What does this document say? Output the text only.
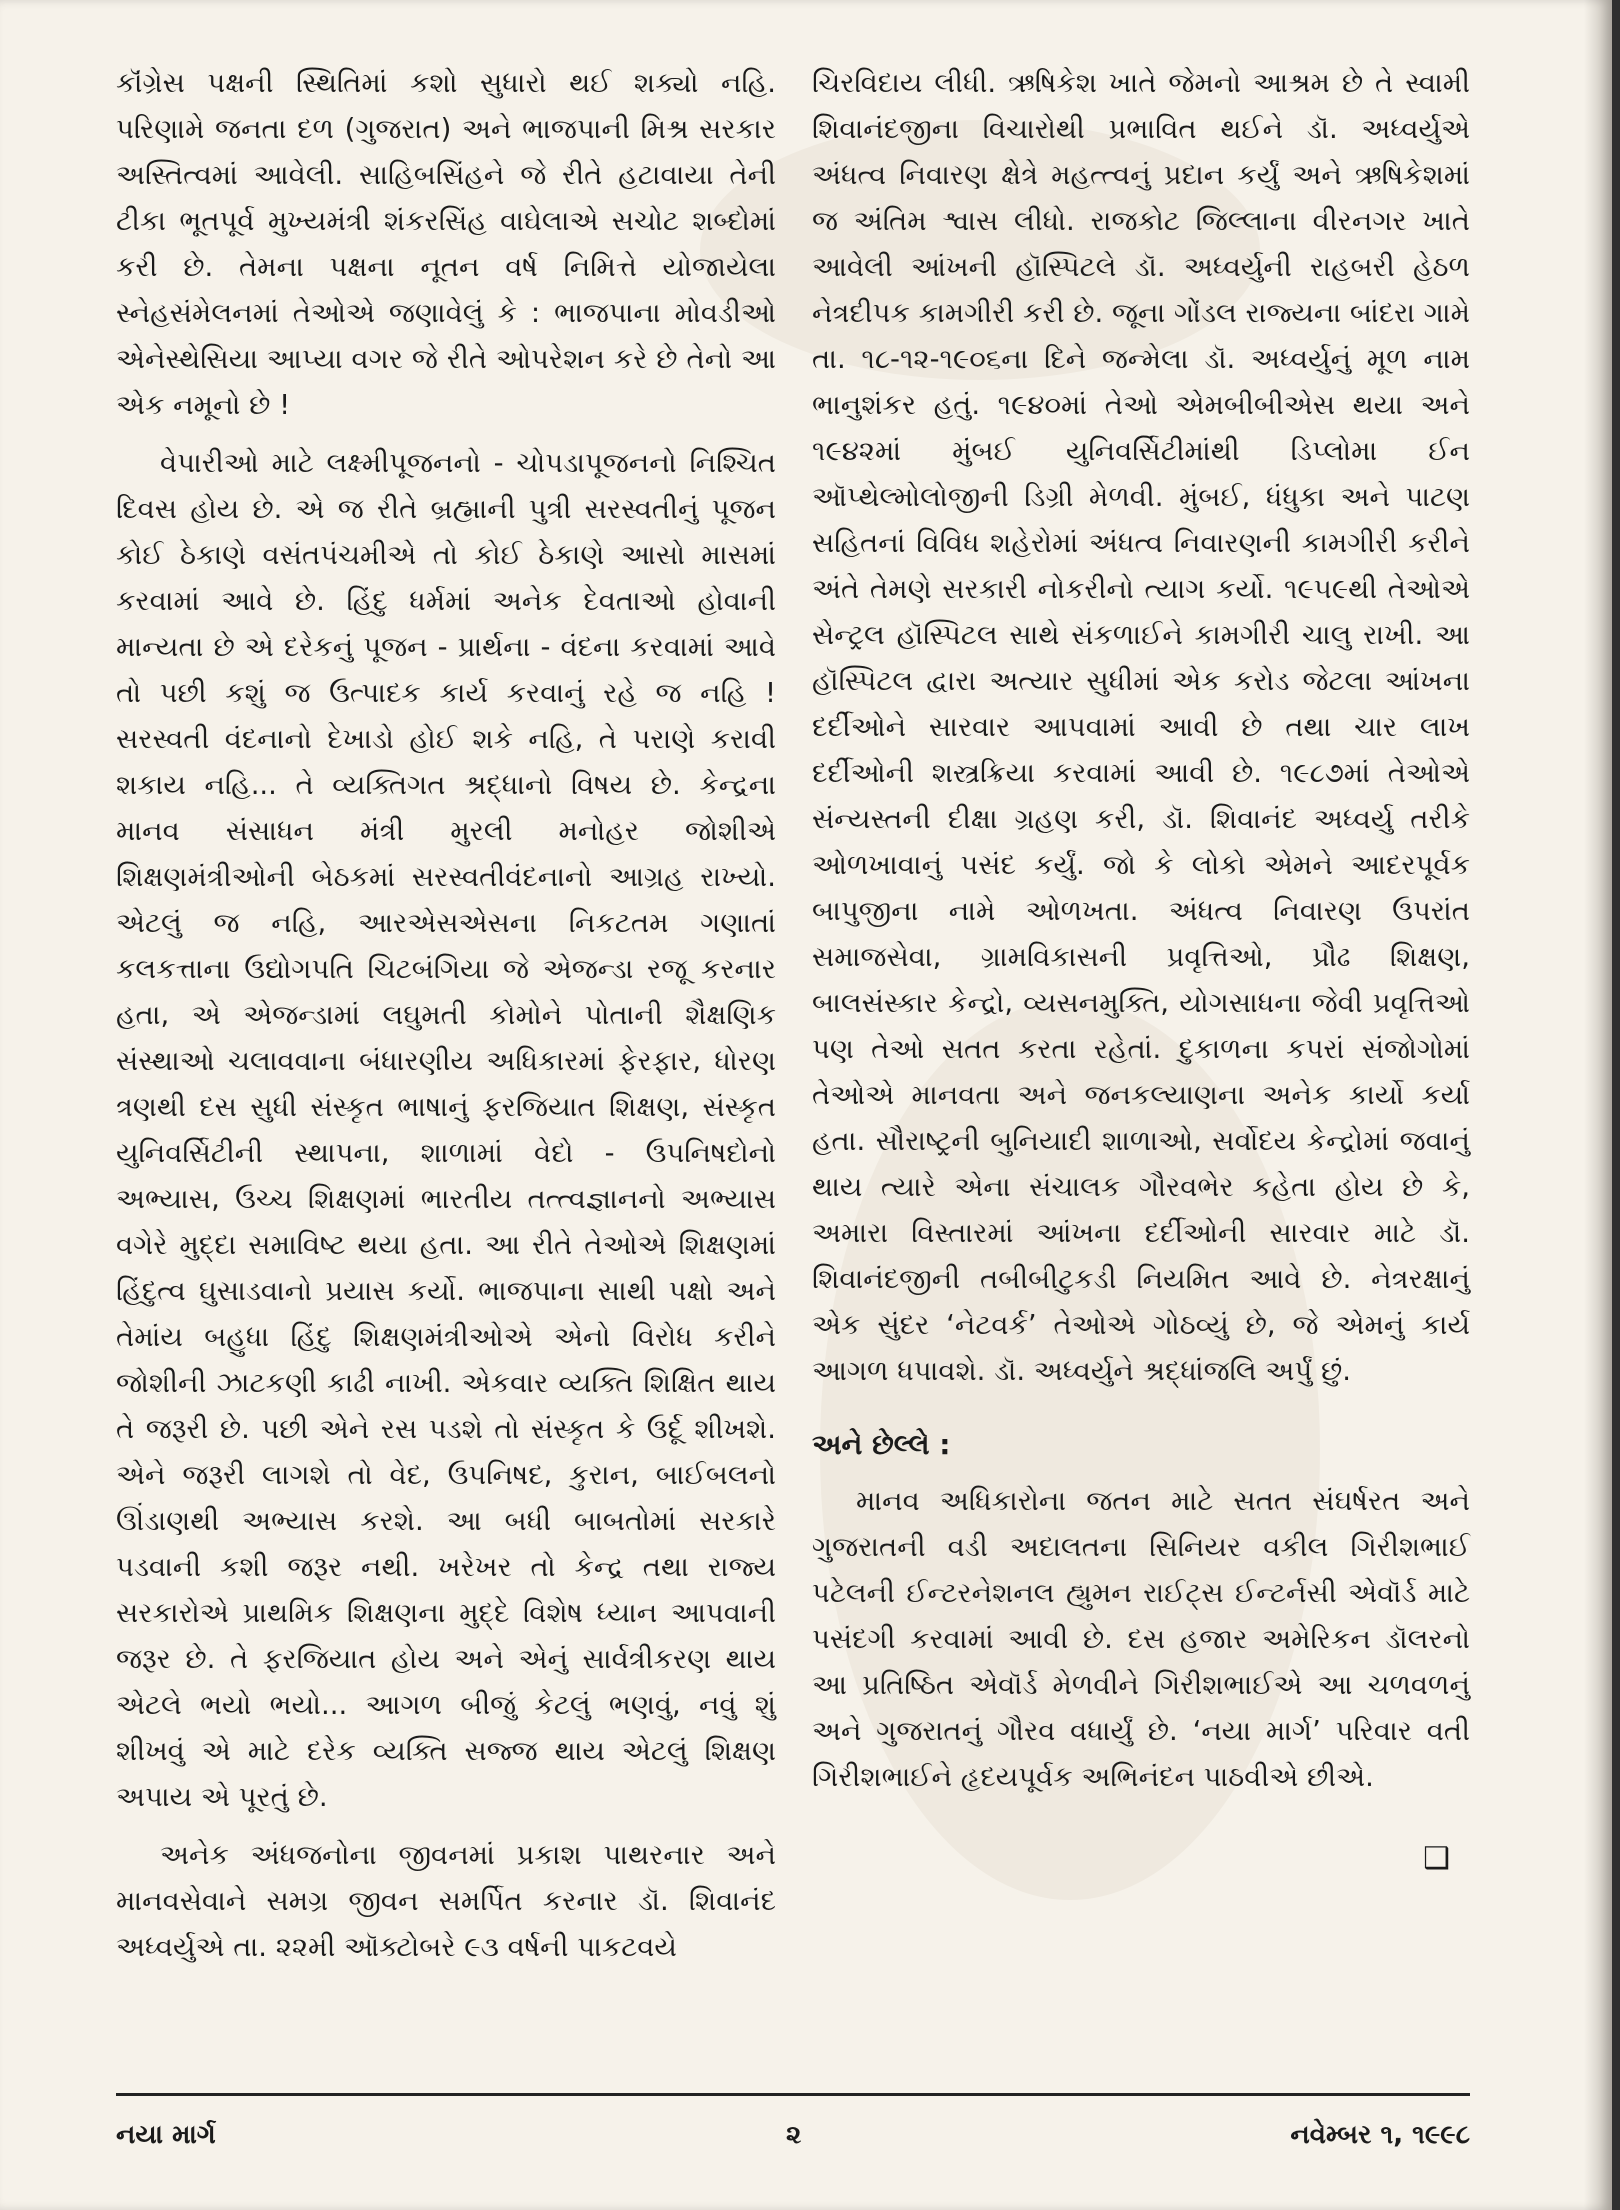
કૉંગ્રેસ પક્ષની સ્થિતિમાં કશો સુધારો થઈ શક્યો નહિ. પરિણામે જનતા દળ (ગુજરાત) અને ભાજપાની મિશ્ર સરકાર અસ્તિત્વમાં આવેલી. સાહિબસિંહને જે રીતે હટાવાયા તેની ટીકા ભૂતપૂર્વ મુખ્યમંત્રી શંકરસિંહ વાઘેલાએ સચોટ શબ્દોમાં કરી છે. તેમના પક્ષના નૂતન વર્ષ નિમિત્તે યોજાયેલા સ્નેહસંમેલનમાં તેઓએ જણાવેલું કે : ભાજપાના મોવડીઓ એનેસ્થેસિયા આપ્યા વગર જે રીતે ઓપરેશન કરે છે તેનો આ એક નમૂનો છે !

વેપારીઓ માટે લક્ષ્મીપૂજનનો - ચોપડાપૂજનનો નિશ્ચિત દિવસ હોય છે. એ જ રીતે બ્રહ્માની પુત્રી સરસ્વતીનું પૂજન કોઈ ઠેકાણે વસંતપંચમીએ તો કોઈ ઠેકાણે આસો માસમાં કરવામાં આવે છે. હિંદુ ધર્મમાં અનેક દેવતાઓ હોવાની માન્યતા છે એ દરેકનું પૂજન - પ્રાર્થના - વંદના કરવામાં આવે તો પછી કશું જ ઉત્પાદક કાર્ય કરવાનું રહે જ નહિ ! સરસ્વતી વંદનાનો દેખાડો હોઈ શકે નહિ, તે પરાણે કરાવી શકાય નહિ... તે વ્યક્તિગત શ્રદ્ધાનો વિષય છે. કેન્દ્રના માનવ સંસાધન મંત્રી મુરલી મનોહર જોશીએ શિક્ષણમંત્રીઓની બેઠકમાં સરસ્વતીવંદનાનો આગ્રહ રાખ્યો. એટલું જ નહિ, આરએસએસના નિકટતમ ગણાતાં કલકત્તાના ઉદ્યોગપતિ ચિટબંગિયા જે એજન્ડા રજૂ કરનાર હતા, એ એજન્ડામાં લઘુમતી કોમોને પોતાની શૈક્ષણિક સંસ્થાઓ ચલાવવાના બંધારણીય અધિકારમાં ફેરફાર, ધોરણ ત્રણથી દસ સુધી સંસ્કૃત ભાષાનું ફરજિયાત શિક્ષણ, સંસ્કૃત યુનિવર્સિટીની સ્થાપના, શાળામાં વેદો - ઉપનિષદોનો અભ્યાસ, ઉચ્ચ શિક્ષણમાં ભારતીય તત્ત્વજ્ઞાનનો અભ્યાસ વગેરે મુદ્દા સમાવિષ્ટ થયા હતા. આ રીતે તેઓએ શિક્ષણમાં હિંદુત્વ ઘુસાડવાનો પ્રયાસ કર્યો. ભાજપાના સાથી પક્ષો અને તેમાંય બહુધા હિંદુ શિક્ષણમંત્રીઓએ એનો વિરોધ કરીને જોશીની ઝાટકણી કાઢી નાખી. એકવાર વ્યક્તિ શિક્ષિત થાય તે જરૂરી છે. પછી એને રસ પડશે તો સંસ્કૃત કે ઉર્દૂ શીખશે. એને જરૂરી લાગશે તો વેદ, ઉપનિષદ, કુરાન, બાઈબલનો ઊંડાણથી અભ્યાસ કરશે. આ બધી બાબતોમાં સરકારે પડવાની કશી જરૂર નથી. ખરેખર તો કેન્દ્ર તથા રાજ્ય સરકારોએ પ્રાથમિક શિક્ષણના મુદ્દે વિશેષ ધ્યાન આપવાની જરૂર છે. તે ફરજિયાત હોય અને એનું સાર્વત્રીકરણ થાય એટલે ભયો ભયો... આગળ બીજું કેટલું ભણવું, નવું શું શીખવું એ માટે દરેક વ્યક્તિ સજ્જ થાય એટલું શિક્ષણ અપાય એ પૂરતું છે.

અનેક અંધજનોના જીવનમાં પ્રકાશ પાથરનાર અને માનવસેવાને સમગ્ર જીવન સમર્પિત કરનાર ડૉ. શિવાનંદ અધ્વર્યુએ તા. ૨૨મી ઑક્ટોબરે ૯૩ વર્ષની પાકટવયે

ચિરવિદાય લીધી. ઋષિકેશ ખાતે જેમનો આશ્રમ છે તે સ્વામી શિવાનંદજીના વિચારોથી પ્રભાવિત થઈને ડૉ. અધ્વર્યુએ અંધત્વ નિવારણ ક્ષેત્રે મહત્ત્વનું પ્રદાન કર્યું અને ઋષિકેશમાં જ અંતિમ શ્વાસ લીધો. રાજકોટ જિલ્લાના વીરનગર ખાતે આવેલી આંખની હૉસ્પિટલે ડૉ. અધ્વર્યુની રાહબરી હેઠળ નેત્રદીપક કામગીરી કરી છે. જૂના ગોંડલ રાજ્યના બાંદરા ગામે તા. ૧૮-૧૨-૧૯૦૬ના દિને જન્મેલા ડૉ. અધ્વર્યુનું મૂળ નામ ભાનુશંકર હતું. ૧૯૪૦માં તેઓ એમબીબીએસ થયા અને ૧૯૪૨માં મુંબઈ યુનિવર્સિટીમાંથી ડિપ્લોમા ઈન ઑપ્થેલ્મોલોજીની ડિગ્રી મેળવી. મુંબઈ, ધંધુકા અને પાટણ સહિતનાં વિવિધ શહેરોમાં અંધત્વ નિવારણની કામગીરી કરીને અંતે તેમણે સરકારી નોકરીનો ત્યાગ કર્યો. ૧૯૫૯થી તેઓએ સેન્ટ્રલ હૉસ્પિટલ સાથે સંકળાઈને કામગીરી ચાલુ રાખી. આ હૉસ્પિટલ દ્વારા અત્યાર સુધીમાં એક કરોડ જેટલા આંખના દર્દીઓને સારવાર આપવામાં આવી છે તથા ચાર લાખ દર્દીઓની શસ્ત્રક્રિયા કરવામાં આવી છે. ૧૯૮૭માં તેઓએ સંન્યસ્તની દીક્ષા ગ્રહણ કરી, ડૉ. શિવાનંદ અધ્વર્યુ તરીકે ઓળખાવાનું પસંદ કર્યું. જો કે લોકો એમને આદરપૂર્વક બાપુજીના નામે ઓળખતા. અંધત્વ નિવારણ ઉપરાંત સમાજસેવા, ગ્રામવિકાસની પ્રવૃત્તિઓ, પ્રૌઢ શિક્ષણ, બાલસંસ્કાર કેન્દ્રો, વ્યસનમુક્તિ, યોગસાધના જેવી પ્રવૃત્તિઓ પણ તેઓ સતત કરતા રહેતાં. દુકાળના કપરાં સંજોગોમાં તેઓએ માનવતા અને જનકલ્યાણના અનેક કાર્યો કર્યા હતા. સૌરાષ્ટ્રની બુનિયાદી શાળાઓ, સર્વોદય કેન્દ્રોમાં જવાનું થાય ત્યારે એના સંચાલક ગૌરવભેર કહેતા હોય છે કે, અમારા વિસ્તારમાં આંખના દર્દીઓની સારવાર માટે ડૉ. શિવાનંદજીની તબીબીટુકડી નિયમિત આવે છે. નેત્રરક્ષાનું એક સુંદર ‘નેટવર્ક’ તેઓએ ગોઠવ્યું છે, જે એમનું કાર્ય આગળ ધપાવશે. ડૉ. અધ્વર્યુને શ્રદ્ધાંજલિ અર્પું છું.

અને છેલ્લે :

માનવ અધિકારોના જતન માટે સતત સંઘર્ષરત અને ગુજરાતની વડી અદાલતના સિનિયર વકીલ ગિરીશભાઈ પટેલની ઈન્ટરનેશનલ હ્યુમન રાઈટ્સ ઈન્ટર્નસી એવૉર્ડ માટે પસંદગી કરવામાં આવી છે. દસ હજાર અમેરિકન ડૉલરનો આ પ્રતિષ્ઠિત એવૉર્ડ મેળવીને ગિરીશભાઈએ આ ચળવળનું અને ગુજરાતનું ગૌરવ વધાર્યું છે. ‘નયા માર્ગ’ પરિવાર વતી ગિરીશભાઈને હૃદયપૂર્વક અભિનંદન પાઠવીએ છીએ.

❑
નયા માર્ગ	૨	નવેમ્બર ૧, ૧૯૯૮
